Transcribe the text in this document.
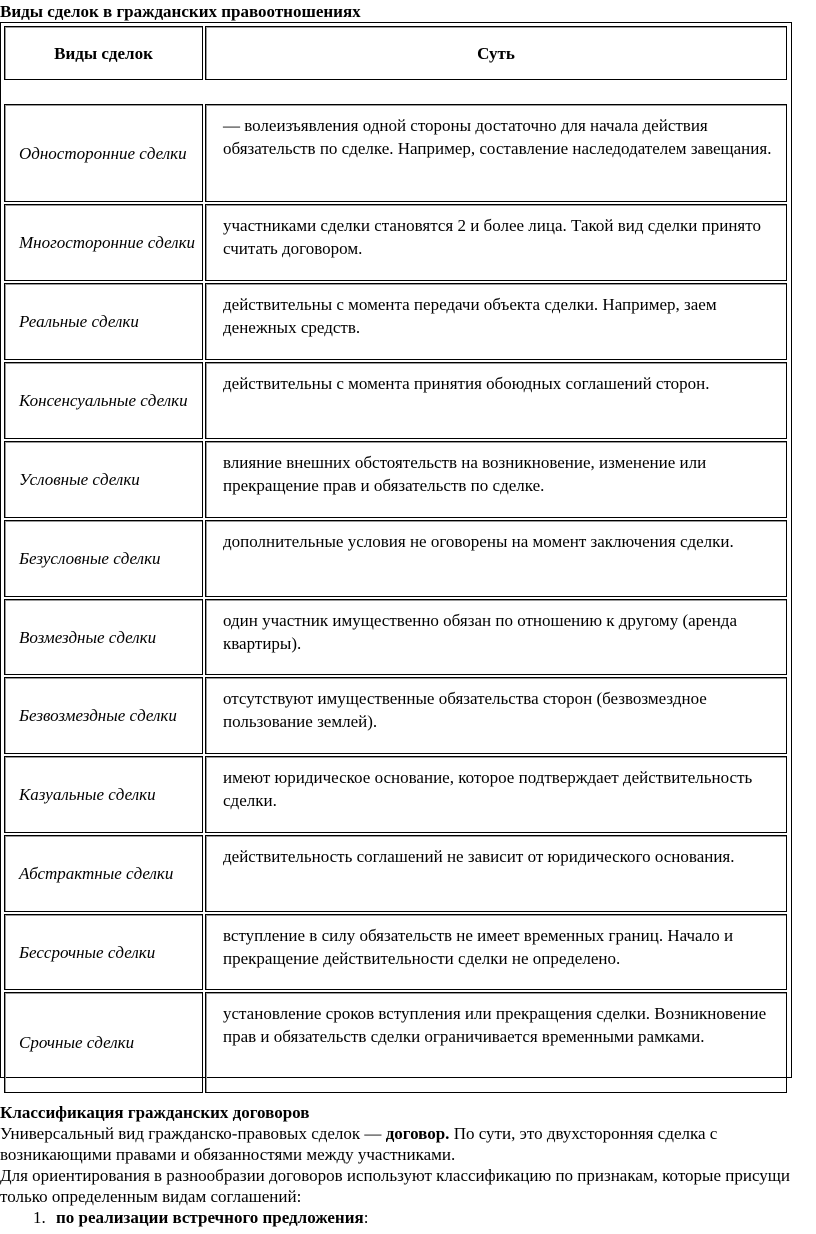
Виды сделок в гражданских правоотношениях
Виды сделок	Суть
Односторонние сделки
— волеизъявления одной стороны достаточно для начала действия обязательств по сделке. Например, составление наследодателем завещания.
Многосторонние сделки
участниками сделки становятся 2 и более лица. Такой вид сделки принято считать договором.
Реальные сделки
действительны с момента передачи объекта сделки. Например, заем денежных средств.
Консенсуальные сделки
действительны с момента принятия обоюдных соглашений сторон.
Условные сделки
влияние внешних обстоятельств на возникновение, изменение или прекращение прав и обязательств по сделке.
Безусловные сделки
дополнительные условия не оговорены на момент заключения сделки.
Возмездные сделки
один участник имущественно обязан по отношению к другому (аренда квартиры).
Безвозмездные сделки
отсутствуют имущественные обязательства сторон (безвозмездное пользование землей).
Казуальные сделки
имеют юридическое основание, которое подтверждает действительность сделки.
Абстрактные сделки
действительность соглашений не зависит от юридического основания.
Бессрочные сделки
вступление в силу обязательств не имеет временных границ. Начало и прекращение действительности сделки не определено.
Срочные сделки
установление сроков вступления или прекращения сделки. Возникновение прав и обязательств сделки ограничивается временными рамками.

Классификация гражданских договоров

Универсальный вид гражданско-правовых сделок — договор. По сути, это двухсторонняя сделка с возникающими правами и обязанностями между участниками.

Для ориентирования в разнообразии договоров используют классификацию по признакам, которые присущи только определенным видам соглашений:

1. по реализации встречного предложения:
